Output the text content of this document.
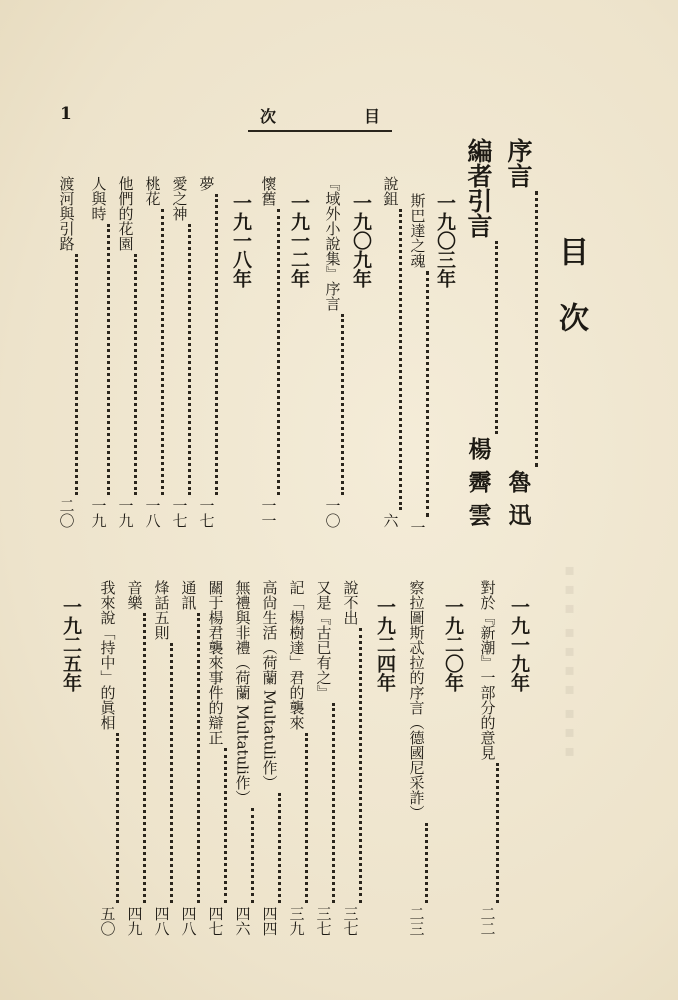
▪▪▪ ▪▪▪▪ ▪▪▪
1	次	目
目次
序言
魯迅
編者引言
楊霽雲
一九〇三年
斯巴達之魂
一
說鉏
六
一九〇九年
『域外小說集』序言
一〇
一九一二年
懷舊
一一
一九一八年
夢
一七
愛之神
一七
桃花
一八
他們的花園
一九
人與時
一九
渡河與引路
二〇
一九一九年
對於『新潮』一部分的意見
二二
一九二〇年
察拉圖斯忒拉的序言（德國尼采詐）
二三
一九二四年
說不出
三七
又是『古已有之』
三七
記「楊樹達」君的襲來
三九
高尙生活（荷蘭 Multatuli作）
四四
無禮與非禮（荷蘭 Multatuli作）
四六
關于楊君襲來事件的辯正
四七
通訊
四八
烽話五則
四八
音樂
四九
我來說「持中」的眞相
五〇
一九二五年
